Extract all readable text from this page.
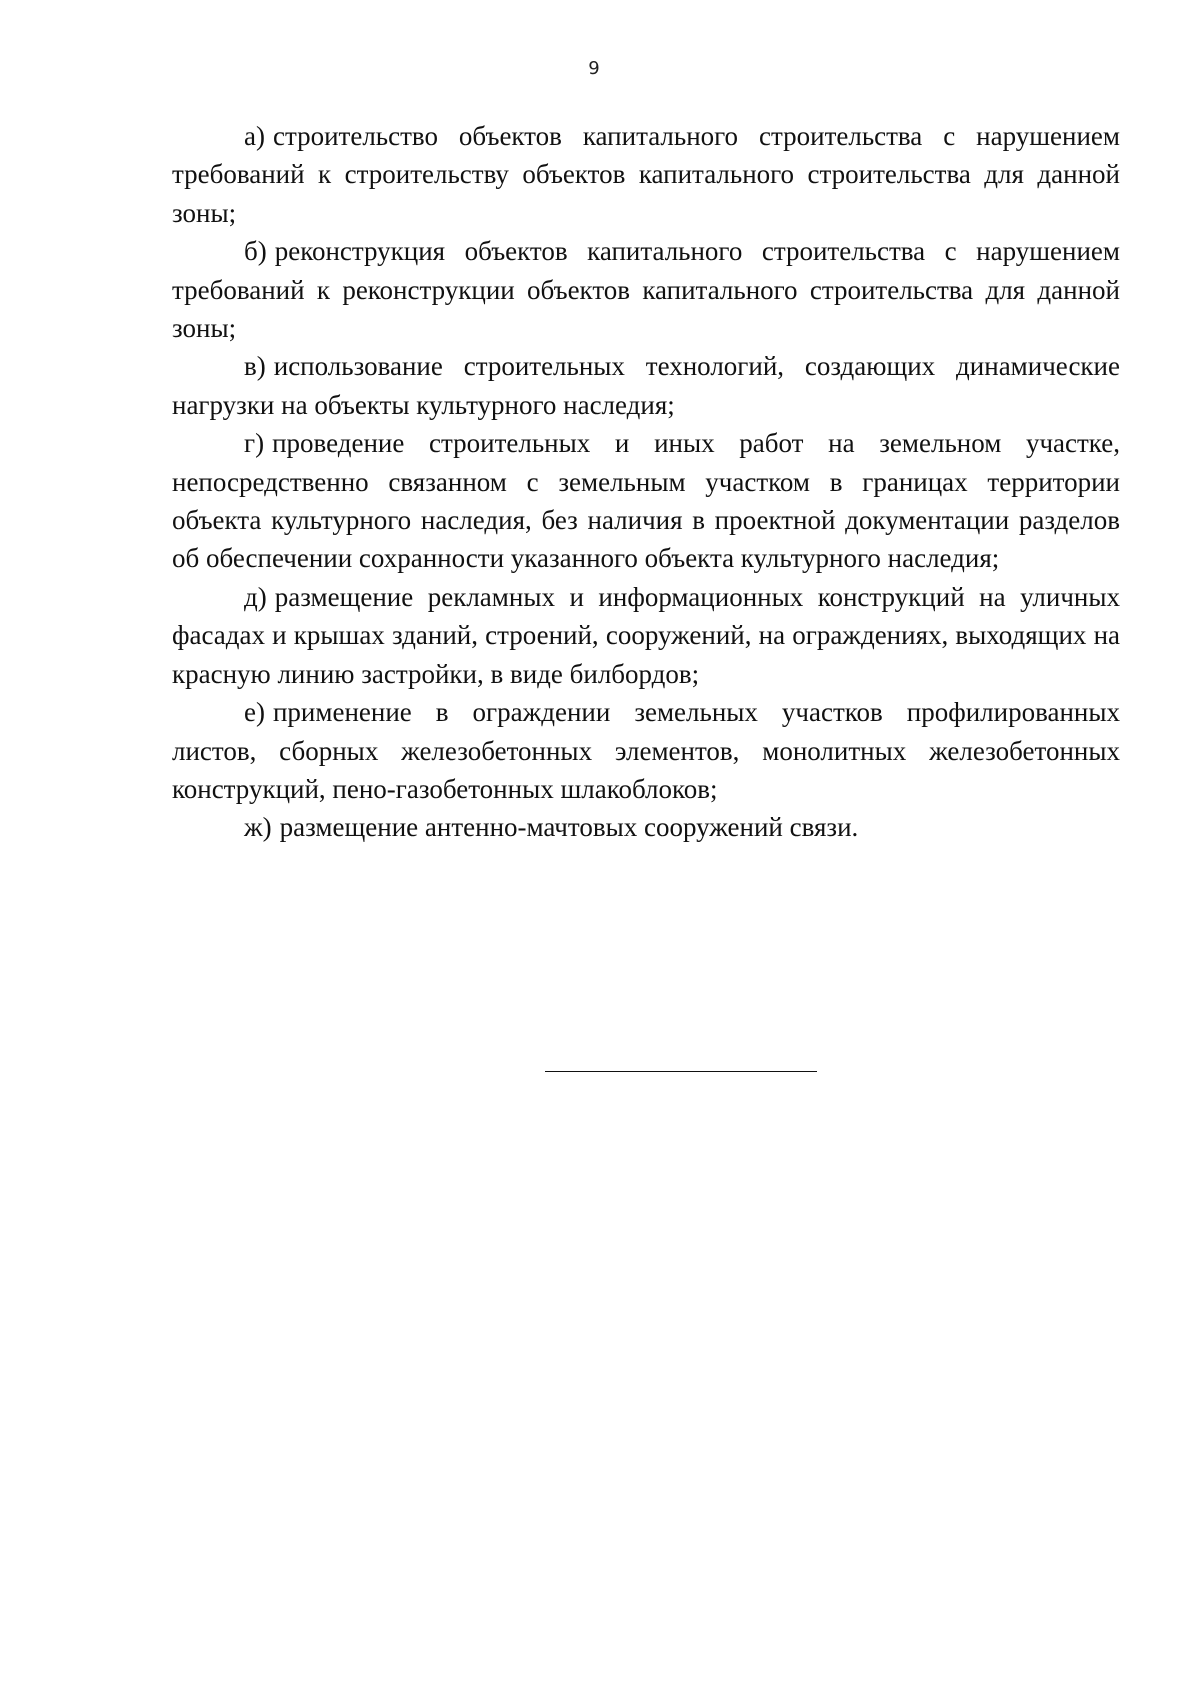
9

а) строительство объектов капитального строительства с нарушением требований к строительству объектов капитального строительства для данной зоны;

б) реконструкция объектов капитального строительства с нарушением требований к реконструкции объектов капитального строительства для данной зоны;

в) использование строительных технологий, создающих динамические нагрузки на объекты культурного наследия;

г) проведение строительных и иных работ на земельном участке, непосредственно связанном с земельным участком в границах территории объекта культурного наследия, без наличия в проектной документации разделов об обеспечении сохранности указанного объекта культурного наследия;

д) размещение рекламных и информационных конструкций на уличных фасадах и крышах зданий, строений, сооружений, на ограждениях, выходящих на красную линию застройки, в виде билбордов;

е) применение в ограждении земельных участков профилированных листов, сборных железобетонных элементов, монолитных железобетонных конструкций, пено-газобетонных шлакоблоков;

ж) размещение антенно-мачтовых сооружений связи.
